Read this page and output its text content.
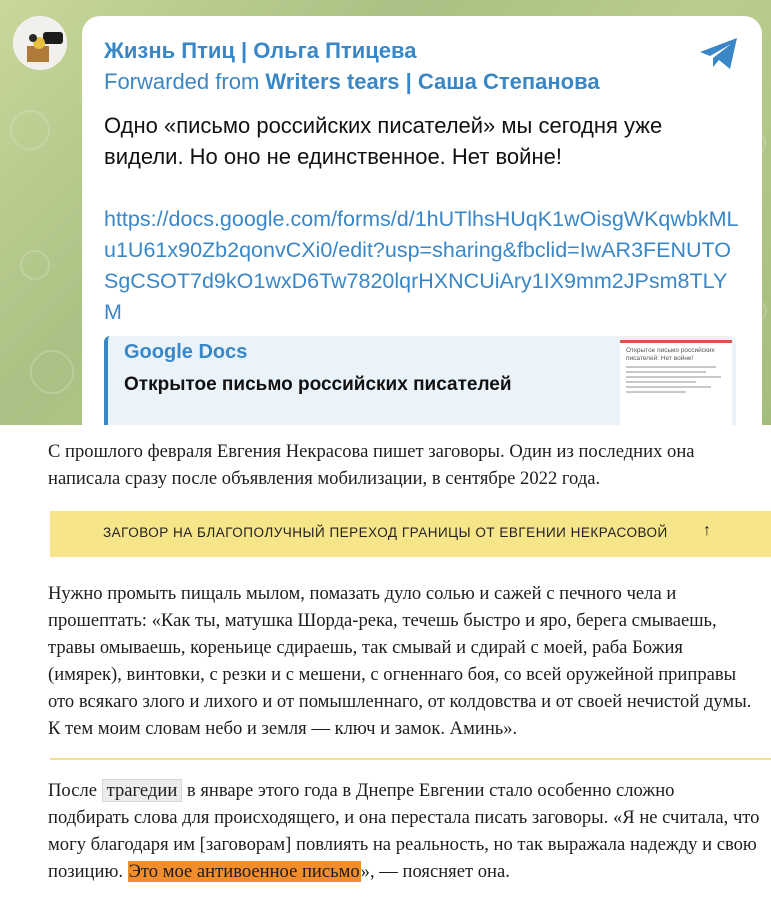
Жизнь Птиц | Ольга Птицева
Forwarded from Writers tears | Саша Степанова
Одно «письмо российских писателей» мы сегодня уже видели. Но оно не единственное. Нет войне!
https://docs.google.com/forms/d/1hUTlhsHUqK1wOisgWKqwbkMLu1U61x90Zb2qonvCXi0/edit?usp=sharing&fbclid=IwAR3FENUTOSgCSOT7d9kO1wxD6Tw7820lqrHXNCUiAry1IX9mm2JPsm8TLYM
Google Docs
Открытое письмо российских писателей
Открытое письмо российских писателей: Нет войне!

С прошлого февраля Евгения Некрасова пишет заговоры. Один из последних она написала сразу после объявления мобилизации, в сентябре 2022 года.

ЗАГОВОР НА БЛАГОПОЛУЧНЫЙ ПЕРЕХОД ГРАНИЦЫ ОТ ЕВГЕНИИ НЕКРАСОВОЙ ↑

Нужно промыть пищаль мылом, помазать дуло солью и сажей с печного чела и прошептать: «Как ты, матушка Шорда-река, течешь быстро и яро, берега смываешь, травы омываешь, кореньице сдираешь, так смывай и сдирай с моей, раба Божия (имярек), винтовки, с резки и с мешени, с огненнаго боя, со всей оружейной приправы ото всякаго злого и лихого и от помышленнаго, от колдовства и от своей нечистой думы. К тем моим словам небо и земля — ключ и замок. Аминь».

После трагедии в январе этого года в Днепре Евгении стало особенно сложно подбирать слова для происходящего, и она перестала писать заговоры. «Я не считала, что могу благодаря им [заговорам] повлиять на реальность, но так выражала надежду и свою позицию. Это мое антивоенное письмо», — поясняет она.
